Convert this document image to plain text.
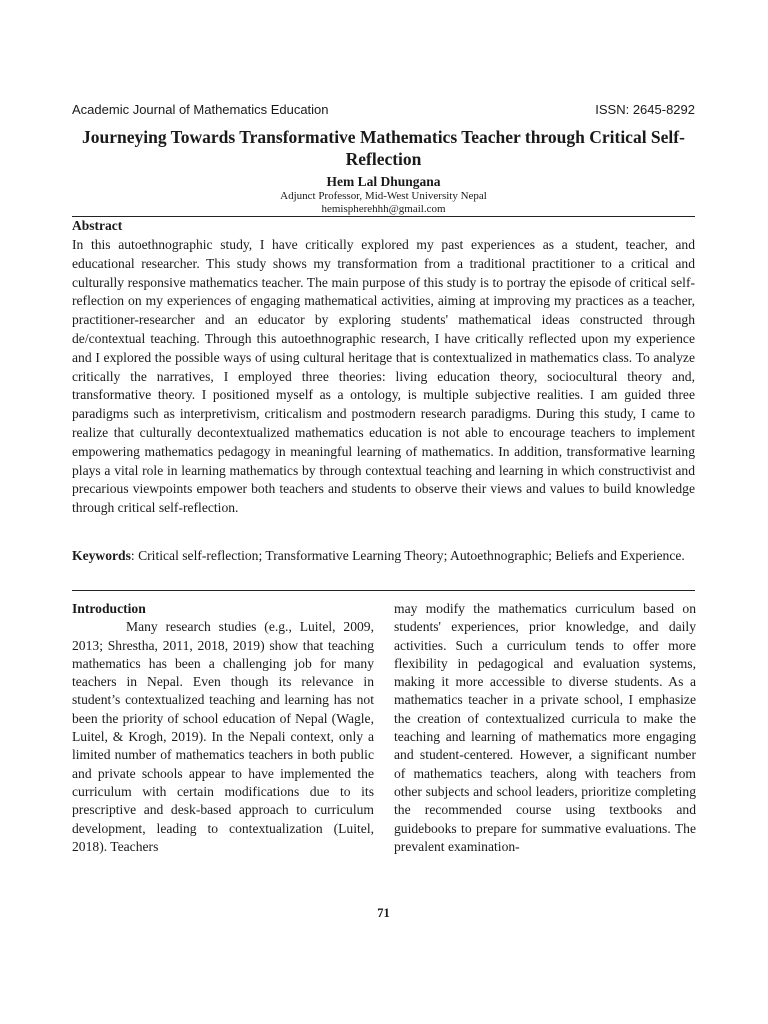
Academic Journal of Mathematics Education	ISSN: 2645-8292
Journeying Towards Transformative Mathematics Teacher through Critical Self-Reflection
Hem Lal Dhungana
Adjunct Professor, Mid-West University Nepal
hemispherehhh@gmail.com
Abstract

In this autoethnographic study, I have critically explored my past experiences as a student, teacher, and educational researcher. This study shows my transformation from a traditional practitioner to a critical and culturally responsive mathematics teacher. The main purpose of this study is to portray the episode of critical self-reflection on my experiences of engaging mathematical activities, aiming at improving my practices as a teacher, practitioner-researcher and an educator by exploring students' mathematical ideas constructed through de/contextual teaching. Through this autoethnographic research, I have critically reflected upon my experience and I explored the possible ways of using cultural heritage that is contextualized in mathematics class. To analyze critically the narratives, I employed three theories: living education theory, sociocultural theory and, transformative theory. I positioned myself as a ontology, is multiple subjective realities. I am guided three paradigms such as interpretivism, criticalism and postmodern research paradigms. During this study, I came to realize that culturally decontextualized mathematics education is not able to encourage teachers to implement empowering mathematics pedagogy in meaningful learning of mathematics. In addition, transformative learning plays a vital role in learning mathematics by through contextual teaching and learning in which constructivist and precarious viewpoints empower both teachers and students to observe their views and values to build knowledge through critical self-reflection.

Keywords: Critical self-reflection; Transformative Learning Theory; Autoethnographic; Beliefs and Experience.

Introduction

Many research studies (e.g., Luitel, 2009, 2013; Shrestha, 2011, 2018, 2019) show that teaching mathematics has been a challenging job for many teachers in Nepal. Even though its relevance in student’s contextualized teaching and learning has not been the priority of school education of Nepal (Wagle, Luitel, & Krogh, 2019). In the Nepali context, only a limited number of mathematics teachers in both public and private schools appear to have implemented the curriculum with certain modifications due to its prescriptive and desk-based approach to curriculum development, leading to contextualization (Luitel, 2018). Teachers

may modify the mathematics curriculum based on students' experiences, prior knowledge, and daily activities. Such a curriculum tends to offer more flexibility in pedagogical and evaluation systems, making it more accessible to diverse students. As a mathematics teacher in a private school, I emphasize the creation of contextualized curricula to make the teaching and learning of mathematics more engaging and student-centered. However, a significant number of mathematics teachers, along with teachers from other subjects and school leaders, prioritize completing the recommended course using textbooks and guidebooks to prepare for summative evaluations. The prevalent examination-

71
